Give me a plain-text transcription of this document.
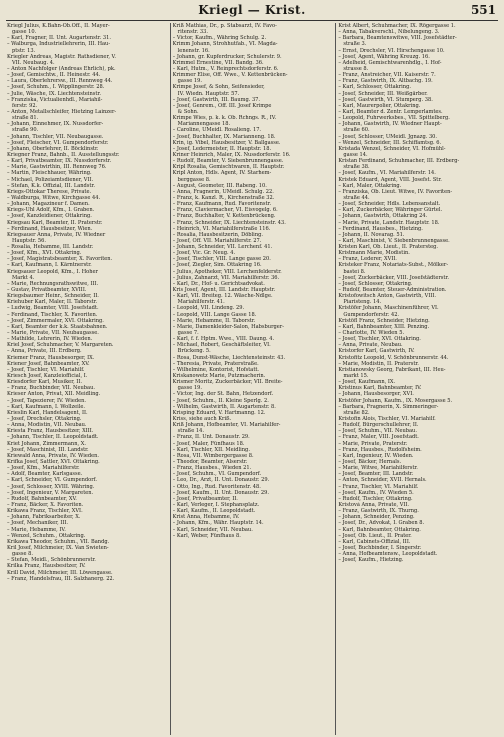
Kriegl — Krist.	551
Kriegl Julius, K.Bahn-Ob.Off., II. Mayer-
gasse 10.
– Karl, Fragner, II. Unt. Augartenstr. 31.
– Walburga, Industriellehrerin, III. Hau-
ptstr. 13.
Kriegler Andreas, Magistr. Rathsdiener, V.
VII. Neubaug. 4.
– Anton Nachfolger (Andreas Ehrlich), pk.
– Josef, Gemischtw., II. Heinestr. 44.
– Laura, Oberlehrersw., III. Rennweg 44.
– Josef, Schuhm., I. Wipplingerstr. 28.
– Julie, Wäsche, IX. Liechtensteinstr.
– Franziska, Victualienhdl., Mariahil-
ferstr. 92.
– Anton, Metallschleifer, Hietzing Lainzer-
straße 81.
– Johann, Einnehmer, IX. Nussdorfer-
straße 90.
– Johann, Tischler, VII. Neubaugasse.
– Josef, Fleischer, VI. Gumpendorferstr.
– Johann, Oberlehrer, II. Böcklinstr.
Kriegner Franz, Bahnb., II. Ausstellungsstr.
– Karl, Privatbeamter, IX. Nussdorferstr.
– Marie, Gastwirthin, III. Rennweg 76.
– Martin, Fleischhauer, Währing.
– Michael, Polizeiamtsdiener, VII.
– Stefan, K.k. Offizial, III. Landstr.
Kriegs-Ottokar Therese, Private.
– Waldburga, Witwe, Kirchgasse 44.
– Johann, Magazineur f. Damen.
Kriegs-Uhl Adolf, Kfm., I. Graben.
– Josef, Kanzleidiener, Ottakring.
Kriegsau Karl, Beamter, II. Praterstr.
– Ferdinand, Hausbesitzer, Wien.
Kriegsauer Anna, Private, IV. Wiedner
Hauptstr. 56.
– Rosalia, Hebamme, III. Landstr.
– Josef, Kfm., XVI. Ottakring.
– Josef, Magistratsbeamter, X. Favoriten.
– Karl, Kaufmann, I. Kärntnerstr.
Kriegsauer Leopold, Kfm., I. Hoher
Markt 4.
– Marie, Rechnungsrathswitwe, III.
– Gustav, Privatbeamter, XVIII.
Kriegsbaumer Heinr., Schneider, II.
Kriehuber Karl, Maler, II. Taborstr.
– Ludwig, Beamter, VIII. Josefstadt.
– Ferdinand, Tischler, X. Favoriten.
– Josef, Zimmermaler, XVI. Ottakring.
– Karl, Beamter der k.k. Staatsbahnen.
– Marie, Private, VII. Neubaugasse.
– Mathilde, Lehrerin, IV. Wieden.
Kriel Josef, Schuhmacher, V. Margareten.
– Anna, Private, III. Erdberg.
Kriemer Franz, Hausbesorger, IX.
Kriener Josef, Bahnbeamter, XV.
– Josef, Tischler, VI. Mariahilf.
Kriesch Josef, Kanzleiofficial, I.
Kriesdorfer Karl, Musiker, II.
– Franz, Buchbinder, VII. Neubau.
Krieser Anton, Privat, XII. Meidling.
– Josef, Tapezierer, IV. Wieden.
– Karl, Kaufmann, I. Wollzeile.
Krieslin Karl, Handelsagent, II.
– Josef, Drechsler, Ottakring.
– Anna, Modistin, VII. Neubau.
Kriesta Franz, Hausbesitzer, XIII.
– Johann, Tischler, II. Leopoldstadt.
Kriet Johann, Zimmermann, X.
– Josef, Maschinist, III. Landstr.
Kriewald Anna, Private, IV. Wieden.
Krifka Josef, Sattler, XVI. Ottakring.
– Josef, Kfm., Mariahilferstr.
– Adolf, Beamter, Karlsgasse.
– Karl, Schneider, VI. Gumpendorf.
– Josef, Schlosser, XVIII. Währing.
– Josef, Ingenieur, V. Margareten.
– Rudolf, Bahnbeamter, XV.
– Franz, Bäcker, X. Favoriten.
Krikawa Franz, Tischler, XVI.
– Johann, Fabriksarbeiter, X.
– Josef, Mechaniker, III.
– Marie, Hebamme, IV.
– Wenzel, Schuhm., Ottakring.
Krikawa Theodor, Schuhm., VII. Bandg.
Kril Josef, Milchmeier, IX. Van Swieten-
gasse 8.
– Stefan, Meidl., Schönbrunnerstr.
Krilka Franz, Hausbesitzer, IV.
Krill David, Milchmeier, III. Löwengasse.
– Franz, Handelsfrau, III. Salzhanerg. 22.
Kriß Mathias, Dr., p. Stabsarzt, IV. Favo-
ritenstr. 33.
– Victor, Kaufm., Währing Schulg. 2.
Krimm Johann, Strohhutfab., VI. Magda-
lenenstr. 16.
– Johann, gr. Kupferdrucker, Schulerstr. 9.
Krimmel Ernestine, VII. Bandg. 36.
– Karl, Hutm., V. Reinprechtsdorferstr. 6.
Krimmer Elise, Off. Wwe., V. Kettenbrücken-
gasse 19.
Krimpe Josef, & Sohn, Seifensieder,
IV. Wiedn. Hauptstr. 57.
– Josef, Gastwirth, III. Baumg. 37.
– Josef, Genrem., Off. III. Josef Krimpe
& Sohn.
Krimpe Wies, p. k. k. Ob. Rchngs. R., IV.
Mariannengasse 18.
– Caroline, UMeidl. Rosalieng. 17.
– Josef, Buchhalter, IX. Marianneng. 18.
Krin, ig. Vibel, Hausbesitzer, V. Ballgasse.
– Josef, Ledermeister, II. Hauptstr. 18.
Kriner Heinrich, Maler, IX. Nussdorferstr. 16.
– Rudolf, Beamter, V. Siebenbrunnengasse.
Kripl Rosalia, Gemischtwaren, II. Hauptstr.
Kripl Anton, Hdls. Agent, IV. Starhem-
berggasse 8.
– August, Geometer, III. Rabeng. 10.
– Anna, Fragnerin, UMeidl. Schulg. 22.
– Franz, k. Kanzl. R., Kirchenstraße 32.
– Franz, Kaufmann, Rud. Favoritenstr.
– Franz, Claviermacher, VI. Eisvogelg. 6.
– Franz, Buchhalter, V. Kettenbrückeng.
– Franz, Schneider, IX. Liechtensteinstr. 43.
– Heinrich, VI. Mariahilferstraße 116.
– Rosalia, Hausbesitzerin, Döbling.
– Josef, Off. VII. Mariahilferstr. 27.
– Johann, Schneider, VII. Lerchenf. 41.
– Josef, Vic. Gr. Neug. 4.
– Josef, Tischler, VIII. Lange gasse 20.
– Josef, Ziegler, Sim. Ottakring 16.
– Julius, Apotheker, VIII. Lerchenfelderstr.
– Julius, Zahnarzt, VII. Mariahilferstr. 36.
– Karl, Dr., Hof- u. Gerichtsadvokat.
Kris Josef, Agent, III. Landstr. Hauptstr.
– Karl, VII. Breiteg. 12. Wäsche-Ndlge.
Mariahilferstr. 41.
– Leopold, VII. Lindeng. 29.
– Leopold, VIII. Lange Gasse 18.
– Marie, Hebamme, II. Taborstr.
– Marie, Damenkleider-Salon, Habsburger-
gasse 7.
– Karl, f. f. Hptm. Wwe., VIII. Daung. 4.
– Michael, Robert, Geschäftsleiter, VI.
Brückeng. 5.
– Rosa, Dunst-Wäsche, Liechtensteinstr. 43.
– Theresia, Private, Praterstraße.
– Wilhelmine, Kontorist, Hofstatt.
Kriskanowetz Marie, Putzmacherin.
Krismer Moritz, Zuckerbäcker, VII. Breite-
gasse 19.
– Victor, Ing. der St. Bahn, Hetzendorf.
– Josef, Schuhm., II. Kleine Sperlg. 2.
– Wilhelm, Gastwirth, II. Augartenstr. 8.
Krisping Eduard, V. Hartmanng. 12.
Kriss, siehe auch Kriß.
Kriß Johann, Hofbeamter, VI. Mariahilfer-
straße 14.
– Franz, II. Unt. Donaustr. 29.
– Josef, Maler, Fünfhaus 18.
– Karl, Tischler, XII. Meidling.
– Rosa, VII. Wimbergergasse 8.
– Theodor, Beamter, Alserstr.
– Franz, Hausbes., Wieden 21.
– Josef, Schuhm., VI. Gumpendorf.
– Leo, Dr., Arzt, II. Unt. Donaustr. 29.
– Otto, Ing., Rud. Favoritenstr. 48.
– Josef, Kaufm., II. Unt. Donaustr. 29.
– Josef, Privatbeamter, II.
– Karl, Verleger, I. Stephansplatz.
– Karl, Kaufm., II. Leopoldstadt.
Krist Anna, Hebamme, IV.
– Johann, Kfm., Währ. Hauptstr. 14.
– Karl, Schneider, VII. Neubau.
– Karl, Weber, Fünfhaus 8.
Krist Albert, Schuhmacher, IX. Rögergasse 1.
– Anna, Tabakverschl., Nibelungeng. 3.
– Barbara, Beamtenswitwe, VIII. Josefstädter-
straße 3.
– Ernst, Drechsler, VI. Hirschengasse 10.
– Josef, Agent, Währing Kreuzg. 16.
– Adelheid, Gemischtwarenhdlg., I. Hof-
strasse 8.
– Franz, Anstreicher, VII. Kaiserstr. 7.
– Franz, Gastwirth, IX. Altbachg. 19.
– Karl, Schlosser, Ottakring.
– Josef, Schneider, III. Weißgärber.
– Josef, Gastwirth, VI. Stumperg. 38.
– Karl, Maurerpolier, Ottakring.
– Karl, Beamter d. Zentr. Lemperlamtes.
– Leopold, Fuhrwerksbes., VII. Spittelberg.
– Johann, Gastwirth, IV. Wiedner Haupt-
straße 60.
– Josef, Schlosser, UMeidl. Jgnazg. 30.
– Wenzel, Schneider, III. Schiffamtsg. 6.
Kristada Wenzel, Schneider, VI. Hofmühl-
gasse 14.
Kristan Ferdinand, Schuhmacher, III. Erdberg-
straße 38.
– Josef, Kaufm., VI. Mariahilferstr. 14.
Kristek Eduard, Agent, VIII. Josefst. Str.
– Karl, Maler, Ottakring.
– Franziska, Ob. Lieut. Witwe, IV. Favoriten-
straße 44.
– Josef, Schneider, Hdls. Lebensanstalt.
– Karl, Zuckerbäcker, Währinger Gürtel.
– Johann, Gastwirth, Ottakring 24.
– Marie, Private, Landstr. Hauptstr. 18.
– Ferdinand, Hausbes., Hietzing.
– Johann, II. Novarag. 51.
– Karl, Maschinist, V. Siebenbrunnengasse.
Kristen Karl, Ob. Lieut., II. Pratersteg.
Kristmann Marie, Modistin.
– Franz, Lederer, XVII.
Kristeker Franz, Notariats-Subst., Mölker-
bastei 8.
– Josef, Zuckerbäcker, VIII. Josefstädterstr.
– Josef, Schlosser, Ottakring.
– Rudolf, Beamter, Steuer-Administration.
Kristofowitsch Anton, Gastwirth, VIII.
Piaristeng. 14.
Kristöfer Johann, Maschinenführer, VI.
Gumpendorferstr. 42.
Kristöfl Franz, Schneider, Hietzing.
– Karl, Bahnbeamter, XIII. Penzing.
– Charlotte, IV. Wieden 5.
– Josef, Tischler, XVI. Ottakring.
– Anna, Private, Neubau.
Kristorfer Karl, Gastwirth, IV.
Kristofitz Leopold, V. Schönbrunnerstr. 44.
– Marie, Modistin, II. Praterstr.
Kristianowsky Georg, Fabrikant, III. Heu-
markt 15.
– Josef, Kaufmann, IX.
Kristinus Karl, Bahnbeamter, IV.
– Johann, Hausbesorger, XVI.
Kristöfer Johann, Kaufm., IX. Mosergasse 5.
– Barbara, Fragnerin, X. Simmeringer-
straße 82.
Kristofin Alois, Tischler, VI. Mariahilf.
– Rudolf, Bürgerschullehrer, II.
– Josef, Schuhm., VII. Neubau.
– Franz, Maler, VIII. Josefstadt.
– Marie, Private, Praterstr.
– Franz, Hausbes., Rudolfsheim.
– Karl, Ingenieur, IV. Wieden.
– Josef, Bäcker, Hernals.
– Marie, Witwe, Mariahilferstr.
– Josef, Beamter, III. Landstr.
– Anton, Schneider, XVII. Hernals.
– Franz, Tischler, VI. Mariahilf.
– Josef, Kaufm., IV. Wieden 5.
– Rudolf, Tischler, Ottakring.
Kristová Anna, Private, VII.
– Franz, Gastwirth, IX. Thurng.
– Johann, Schneider, Penzing.
– Josef, Dr., Advokat, I. Graben 8.
– Karl, Bahnbeamter, Ottakring.
– Josef, Ob. Lieut., II. Prater.
– Karl, Cabinets-Offizial, III.
– Josef, Buchbinder, I. Singerstr.
– Anna, Hofbeamtensw., Leopoldstadt.
– Josef, Kaufm., Hietzing.
